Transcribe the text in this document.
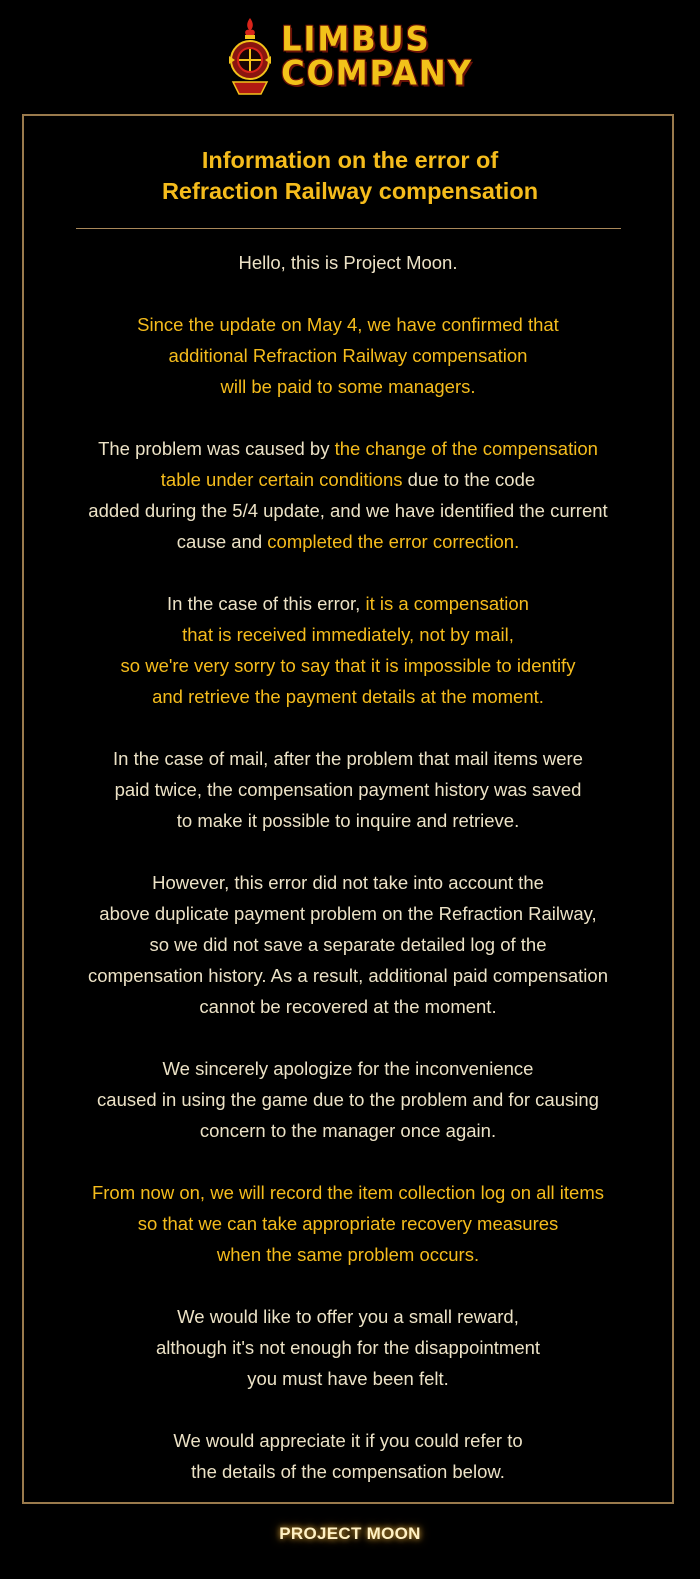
LIMBUS
COMPANY
Information on the error of
Refraction Railway compensation

Hello, this is Project Moon.

Since the update on May 4, we have confirmed that
additional Refraction Railway compensation
will be paid to some managers.

The problem was caused by the change of the compensation
table under certain conditions due to the code
added during the 5/4 update, and we have identified the current
cause and completed the error correction.

In the case of this error, it is a compensation
that is received immediately, not by mail,
so we're very sorry to say that it is impossible to identify
and retrieve the payment details at the moment.

In the case of mail, after the problem that mail items were
paid twice, the compensation payment history was saved
to make it possible to inquire and retrieve.

However, this error did not take into account the
above duplicate payment problem on the Refraction Railway,
so we did not save a separate detailed log of the
compensation history. As a result, additional paid compensation
cannot be recovered at the moment.

We sincerely apologize for the inconvenience
caused in using the game due to the problem and for causing
concern to the manager once again.

From now on, we will record the item collection log on all items
so that we can take appropriate recovery measures
when the same problem occurs.

We would like to offer you a small reward,
although it's not enough for the disappointment
you must have been felt.

We would appreciate it if you could refer to
the details of the compensation below.

PROJECT MOON
